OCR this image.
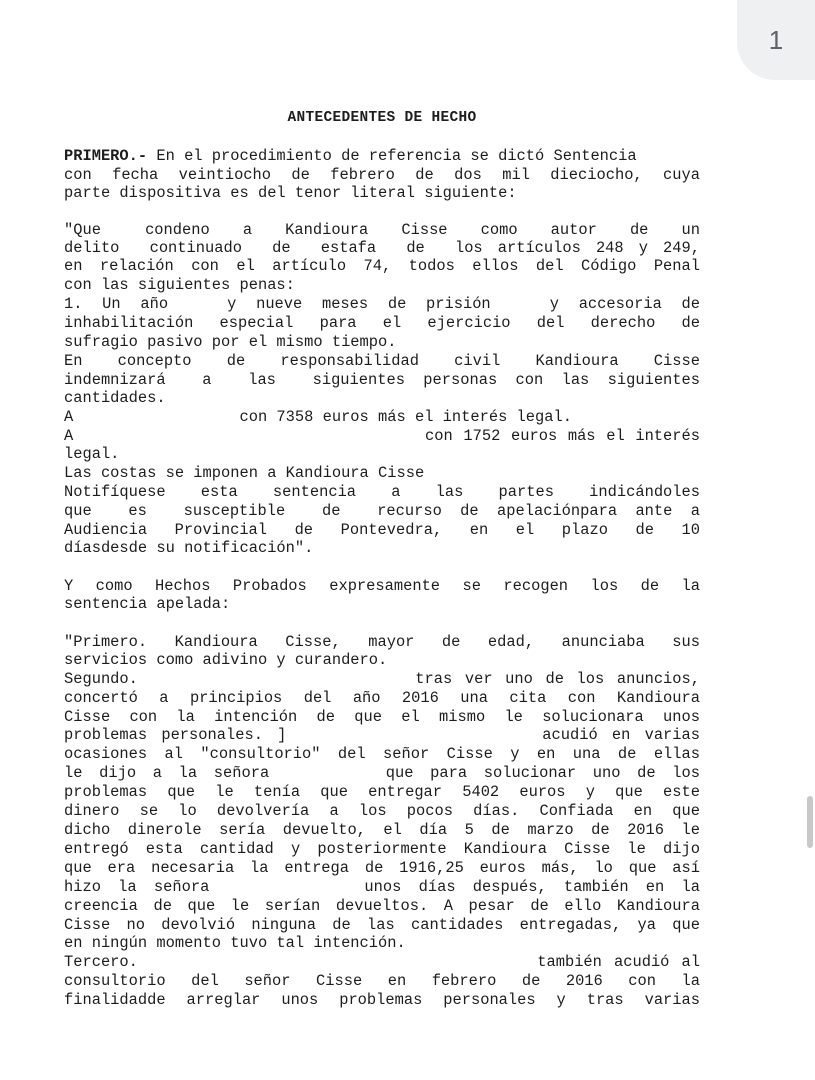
1
ANTECEDENTES DE HECHO
PRIMERO.- En el procedimiento de referencia se dictó Sentencia
con fecha veintiocho de febrero de dos mil dieciocho, cuya
parte dispositiva es del tenor literal siguiente:
"Que    condeno   a   Kandioura   Cisse   como   autor   de   un
delito  continuado  de  estafa  de  los artículos 248 y 249,
en relación con el artículo 74, todos ellos del Código Penal
con las siguientes penas:
1. Un año   y nueve meses de prisión   y accesoria de
inhabilitación especial para el ejercicio del derecho de
sufragio pasivo por el mismo tiempo.
En   concepto   de   responsabilidad   civil   Kandioura   Cisse
indemnizará  a  las  siguientes personas con las siguientes
cantidades.
A                  con 7358 euros más el interés legal.
A                                 con 1752 euros más el interés
legal.
Las costas se imponen a Kandioura Cisse
Notifíquese  esta  sentencia  a  las  partes  indicándoles
que  es  susceptible  de  recurso de apelaciónpara ante a
Audiencia Provincial de Pontevedra, en el plazo de 10
díasdesde su notificación".
Y como Hechos Probados expresamente se recogen los de la
sentencia apelada:
"Primero. Kandioura Cisse, mayor de edad, anunciaba sus
servicios como adivino y curandero.
Segundo.                      tras ver uno de los anuncios,
concertó a principios del año 2016 una cita con Kandioura
Cisse con la intención de que el mismo le solucionara unos
problemas personales. ]                  acudió en varias
ocasiones al "consultorio" del señor Cisse y en una de ellas
le dijo a la señora       que para solucionar uno de los
problemas que le tenía que entregar 5402 euros y que este
dinero se lo devolvería a los pocos días. Confiada en que
dicho dinerole sería devuelto, el día 5 de marzo de 2016 le
entregó esta cantidad y posteriormente Kandioura Cisse le dijo
que era necesaria la entrega de 1916,25 euros más, lo que así
hizo la señora         unos días después, también en la
creencia de que le serían devueltos. A pesar de ello Kandioura
Cisse no devolvió ninguna de las cantidades entregadas, ya que
en ningún momento tuvo tal intención.
Tercero.                                 también acudió al
consultorio del señor Cisse en febrero de 2016 con la
finalidadde arreglar unos problemas personales y tras varias
